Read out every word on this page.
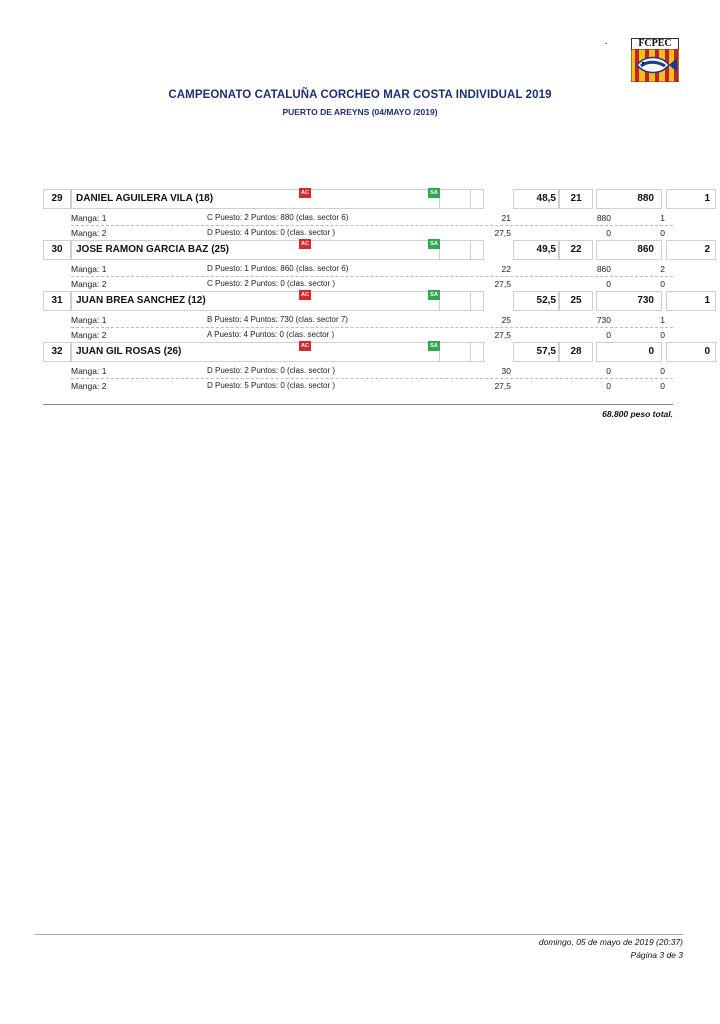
FCPEC
CAMPEONATO CATALUÑA CORCHEO MAR COSTA INDIVIDUAL 2019
PUERTO DE AREYNS (04/MAYO /2019)
29	DANIEL AGUILERA VILA (18)	AC	SA	48,5	21	880	1
Manga: 1	C Puesto: 2 Puntos: 880 (clas. sector 6)	21	880	1
Manga: 2	D Puesto: 4 Puntos: 0 (clas. sector )	27,5	0	0
30	JOSE RAMON GARCIA BAZ (25)	AC	SA	49,5	22	860	2
Manga: 1	D Puesto: 1 Puntos: 860 (clas. sector 6)	22	860	2
Manga: 2	C Puesto: 2 Puntos: 0 (clas. sector )	27,5	0	0
31	JUAN BREA SANCHEZ (12)	AC	SA	52,5	25	730	1
Manga: 1	B Puesto: 4 Puntos: 730 (clas. sector 7)	25	730	1
Manga: 2	A Puesto: 4 Puntos: 0 (clas. sector )	27,5	0	0
32	JUAN GIL ROSAS (26)	AC	SA	57,5	28	0	0
Manga: 1	D Puesto: 2 Puntos: 0 (clas. sector )	30	0	0
Manga: 2	D Puesto: 5 Puntos: 0 (clas. sector )	27,5	0	0
68.800 peso total.
domingo, 05 de mayo de 2019 (20:37)
Página 3 de 3
